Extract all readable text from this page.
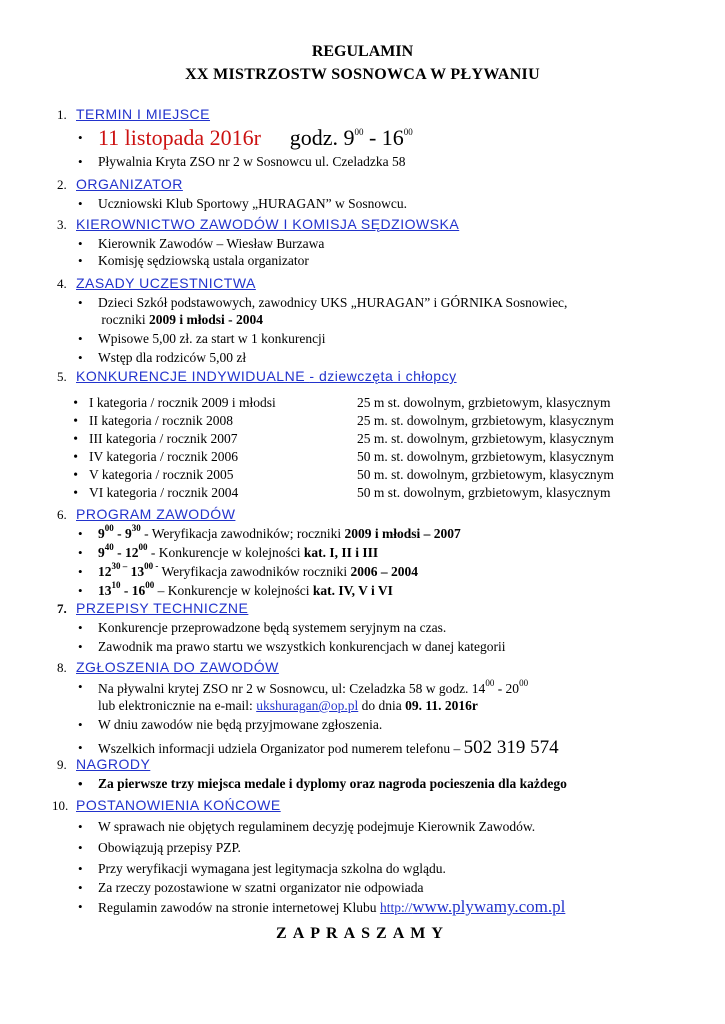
REGULAMIN
XX MISTRZOSTW SOSNOWCA W PŁYWANIU
1. TERMIN I MIEJSCE
• 11 listopada 2016r godz. $9^{00} - 16^{00}$
• Pływalnia Kryta ZSO nr 2 w Sosnowcu ul. Czeladzka 58
2. ORGANIZATOR
• Uczniowski Klub Sportowy „HURAGAN” w Sosnowcu.
3. KIEROWNICTWO ZAWODÓW I KOMISJA SĘDZIOWSKA
• Kierownik Zawodów – Wiesław Burzawa
• Komisję sędziowską ustala organizator
4. ZASADY UCZESTNICTWA
• Dzieci Szkół podstawowych, zawodnicy UKS „HURAGAN” i GÓRNIKA Sosnowiec,
roczniki 2009 i młodsi - 2004
• Wpisowe 5,00 zł. za start w 1 konkurencji
• Wstęp dla rodziców 5,00 zł
5. KONKURENCJE INDYWIDUALNE - dziewczęta i chłopcy
•	I kategoria / rocznik 2009 i młodsi	25 m st. dowolnym, grzbietowym, klasycznym
•	II kategoria / rocznik 2008	25 m. st. dowolnym, grzbietowym, klasycznym
•	III kategoria / rocznik 2007	25 m. st. dowolnym, grzbietowym, klasycznym
•	IV kategoria / rocznik 2006	50 m. st. dowolnym, grzbietowym, klasycznym
•	V kategoria / rocznik 2005	50 m. st. dowolnym, grzbietowym, klasycznym
•	VI kategoria / rocznik 2004	50 m st. dowolnym, grzbietowym, klasycznym
6. PROGRAM ZAWODÓW
• $9^{00} - 9^{30}$ - Weryfikacja zawodników; roczniki 2009 i młodsi – 2007
• $9^{40} - 12^{00}$ - Konkurencje w kolejności kat. I, II i III
• $12^{30 -}$ $13^{00 -}$ Weryfikacja zawodników roczniki 2006 – 2004
• $13^{10} - 16^{00}$ – Konkurencje w kolejności kat. IV, V i VI
7. PRZEPISY TECHNICZNE
• Konkurencje przeprowadzone będą systemem seryjnym na czas.
• Zawodnik ma prawo startu we wszystkich konkurencjach w danej kategorii
8. ZGŁOSZENIA DO ZAWODÓW
• Na pływalni krytej ZSO nr 2 w Sosnowcu, ul: Czeladzka 58 w godz. $14^{00} - 20^{00}$
lub elektronicznie na e-mail: ukshuragan@op.pl do dnia 09. 11. 2016r
• W dniu zawodów nie będą przyjmowane zgłoszenia.
• Wszelkich informacji udziela Organizator pod numerem telefonu – 502 319 574
9. NAGRODY
• Za pierwsze trzy miejsca medale i dyplomy oraz nagroda pocieszenia dla każdego
10. POSTANOWIENIA KOŃCOWE
• W sprawach nie objętych regulaminem decyzję podejmuje Kierownik Zawodów.
• Obowiązują przepisy PZP.
• Przy weryfikacji wymagana jest legitymacja szkolna do wglądu.
• Za rzeczy pozostawione w szatni organizator nie odpowiada
• Regulamin zawodów na stronie internetowej Klubu http://www.plywamy.com.pl
ZAPRASZAMY
